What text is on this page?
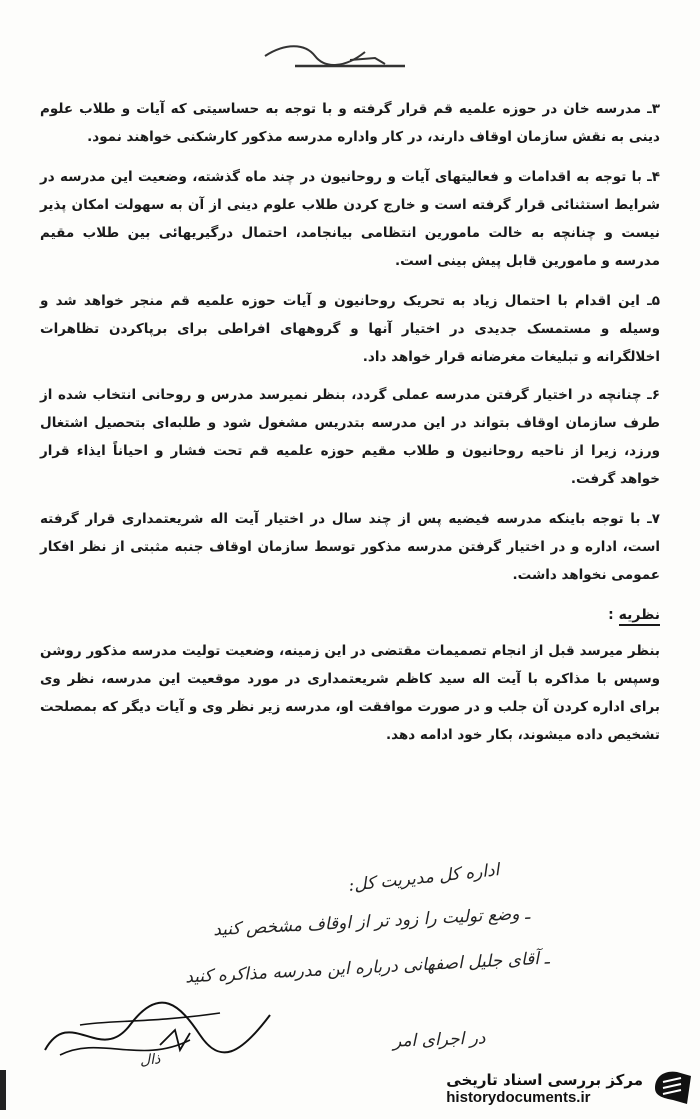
۳ـ مدرسه خان در حوزه علمیه قم قرار گرفته و با توجه به حساسیتی که آیات و طلاب علوم دینی به نقش سازمان اوقاف دارند، در کار واداره مدرسه مذکور کارشکنی خواهند نمود.

۴ـ با توجه به اقدامات و فعالیتهای آیات و روحانیون در چند ماه گذشته، وضعیت این مدرسه در شرایط استثنائی قرار گرفته است و خارج کردن طلاب علوم دینی از آن به سهولت امکان پذیر نیست و چنانچه به خالت مامورین انتظامی بیانجامد، احتمال درگیریهائی بین طلاب مقیم مدرسه و مامورین قابل پیش بینی است.

۵ـ این اقدام با احتمال زیاد به تحریک روحانیون و آیات حوزه علمیه قم منجر خواهد شد و وسیله و مستمسک جدیدی در اختیار آنها و گروههای افراطی برای برپاکردن تظاهرات اخلالگرانه و تبلیغات مغرضانه قرار خواهد داد.

۶ـ چنانچه در اختیار گرفتن مدرسه عملی گردد، بنظر نمیرسد مدرس و روحانی انتخاب شده از طرف سازمان اوقاف بتواند در این مدرسه بتدریس مشغول شود و طلبه‌ای بتحصیل اشتغال ورزد، زیرا از ناحیه روحانیون و طلاب مقیم حوزه علمیه قم تحت فشار و احیاناً ایذاء قرار خواهد گرفت.

۷ـ با توجه باینکه مدرسه فیضیه پس از چند سال در اختیار آیت اله شریعتمداری قرار گرفته است، اداره و در اختیار گرفتن مدرسه مذکور توسط سازمان اوقاف جنبه مثبتی از نظر افکار عمومی نخواهد داشت.

نظریه :

بنظر میرسد قبل از انجام تصمیمات مقتضی در این زمینه، وضعیت تولیت مدرسه مذکور روشن وسپس با مذاکره با آیت اله سید کاظم شریعتمداری در مورد موقعیت این مدرسه، نظر وی برای اداره کردن آن جلب و در صورت موافقت او، مدرسه زیر نظر وی و آیات دیگر که بمصلحت تشخیص داده میشوند، بکار خود ادامه دهد.

اداره کل مدیریت کل:
ـ وضع تولیت را زود تر از اوقاف مشخص کنید
ـ آقای جلیل اصفهانی درباره این مدرسه مذاکره کنید
در اجرای امر
ذال
مرکز بررسی اسناد تاریخی
historydocuments.ir
